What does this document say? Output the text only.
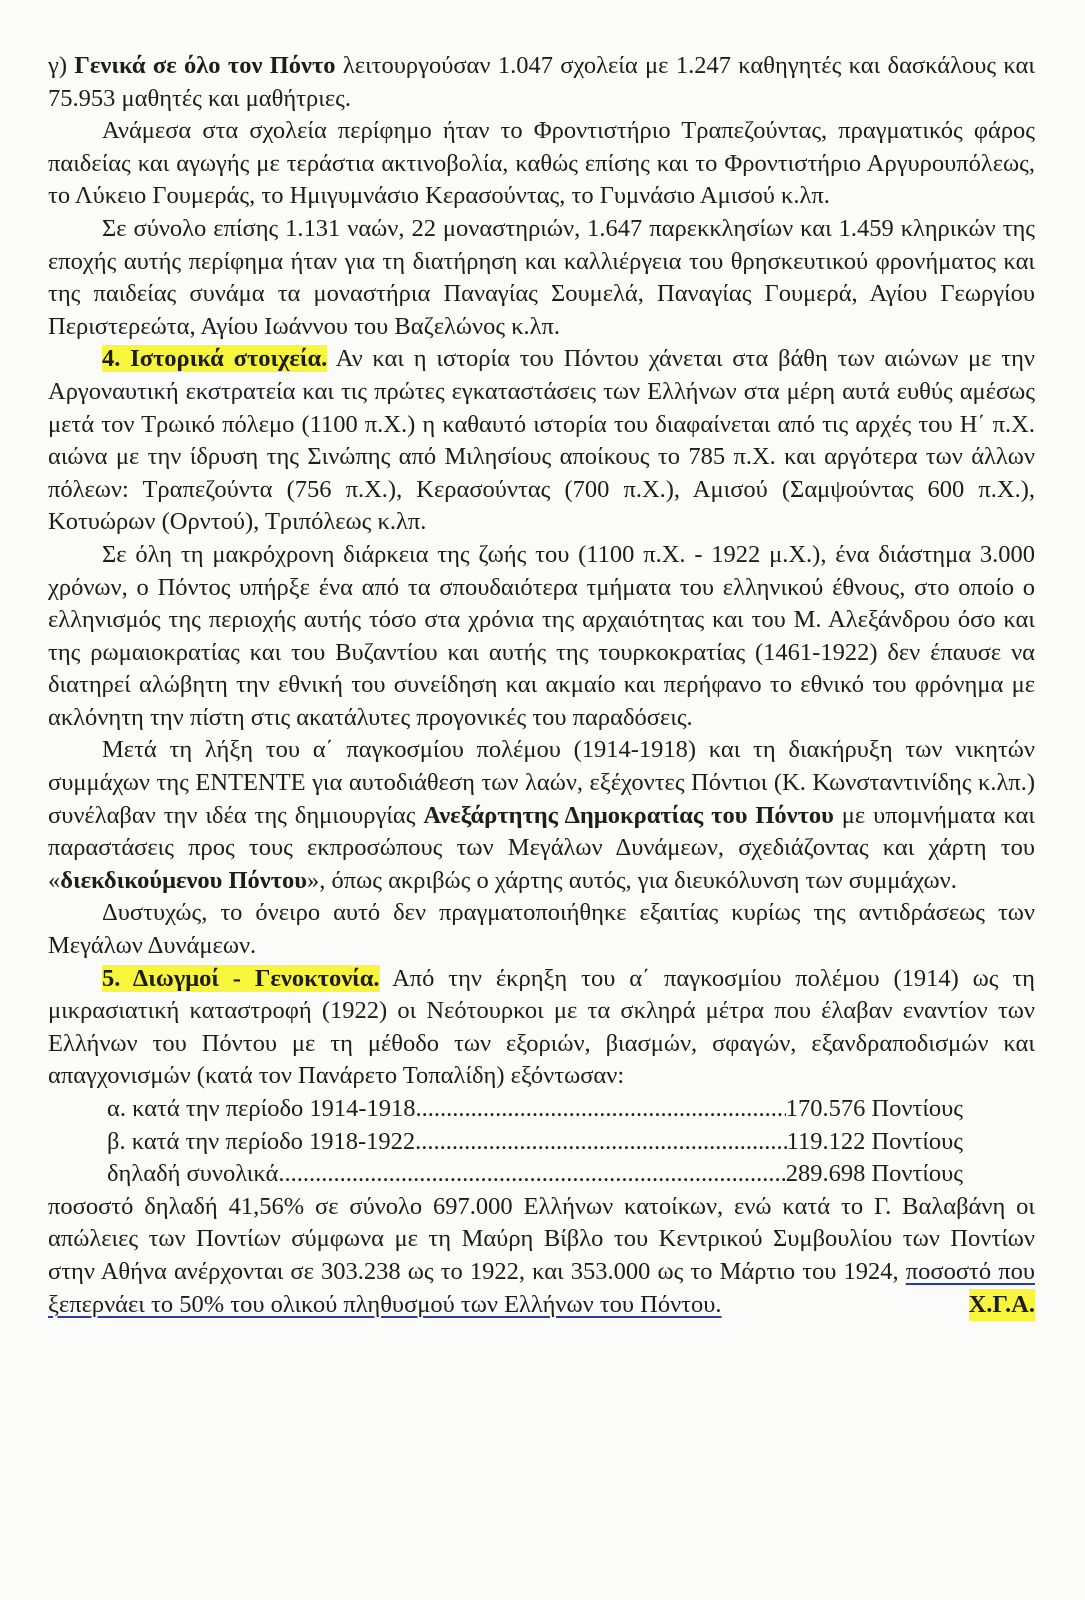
γ) Γενικά σε όλο τον Πόντο λειτουργούσαν 1.047 σχολεία με 1.247 καθηγητές και δασκάλους και 75.953 μαθητές και μαθήτριες.

Ανάμεσα στα σχολεία περίφημο ήταν το Φροντιστήριο Τραπεζούντας, πραγματικός φάρος παιδείας και αγωγής με τεράστια ακτινοβολία, καθώς επίσης και το Φροντιστήριο Αργυρουπόλεως, το Λύκειο Γουμεράς, το Ημιγυμνάσιο Κερασούντας, το Γυμνάσιο Αμισού κ.λπ.

Σε σύνολο επίσης 1.131 ναών, 22 μοναστηριών, 1.647 παρεκκλησίων και 1.459 κληρικών της εποχής αυτής περίφημα ήταν για τη διατήρηση και καλλιέργεια του θρησκευτικού φρονήματος και της παιδείας συνάμα τα μοναστήρια Παναγίας Σουμελά, Παναγίας Γουμερά, Αγίου Γεωργίου Περιστερεώτα, Αγίου Ιωάννου του Βαζελώνος κ.λπ.

4. Ιστορικά στοιχεία. Αν και η ιστορία του Πόντου χάνεται στα βάθη των αιώνων με την Αργοναυτική εκστρατεία και τις πρώτες εγκαταστάσεις των Ελλήνων στα μέρη αυτά ευθύς αμέσως μετά τον Τρωικό πόλεμο (1100 π.Χ.) η καθαυτό ιστορία του διαφαίνεται από τις αρχές του Η΄ π.Χ. αιώνα με την ίδρυση της Σινώπης από Μιλησίους αποίκους το 785 π.Χ. και αργότερα των άλλων πόλεων: Τραπεζούντα (756 π.Χ.), Κερασούντας (700 π.Χ.), Αμισού (Σαμψούντας 600 π.Χ.), Κοτυώρων (Ορντού), Τριπόλεως κ.λπ.

Σε όλη τη μακρόχρονη διάρκεια της ζωής του (1100 π.Χ. - 1922 μ.Χ.), ένα διάστημα 3.000 χρόνων, ο Πόντος υπήρξε ένα από τα σπουδαιότερα τμήματα του ελληνικού έθνους, στο οποίο ο ελληνισμός της περιοχής αυτής τόσο στα χρόνια της αρχαιότητας και του Μ. Αλεξάνδρου όσο και της ρωμαιοκρατίας και του Βυζαντίου και αυτής της τουρκοκρατίας (1461-1922) δεν έπαυσε να διατηρεί αλώβητη την εθνική του συνείδηση και ακμαίο και περήφανο το εθνικό του φρόνημα με ακλόνητη την πίστη στις ακατάλυτες προγονικές του παραδόσεις.

Μετά τη λήξη του α΄ παγκοσμίου πολέμου (1914-1918) και τη διακήρυξη των νικητών συμμάχων της ENTENTE για αυτοδιάθεση των λαών, εξέχοντες Πόντιοι (Κ. Κωνσταντινίδης κ.λπ.) συνέλαβαν την ιδέα της δημιουργίας Ανεξάρτητης Δημοκρατίας του Πόντου με υπομνήματα και παραστάσεις προς τους εκπροσώπους των Μεγάλων Δυνάμεων, σχεδιάζοντας και χάρτη του «διεκδικούμενου Πόντου», όπως ακριβώς ο χάρτης αυτός, για διευκόλυνση των συμμάχων.

Δυστυχώς, το όνειρο αυτό δεν πραγματοποιήθηκε εξαιτίας κυρίως της αντιδράσεως των Μεγάλων Δυνάμεων.

5. Διωγμοί - Γενοκτονία. Από την έκρηξη του α΄ παγκοσμίου πολέμου (1914) ως τη μικρασιατική καταστροφή (1922) οι Νεότουρκοι με τα σκληρά μέτρα που έλαβαν εναντίον των Ελλήνων του Πόντου με τη μέθοδο των εξοριών, βιασμών, σφαγών, εξανδραποδισμών και απαγχονισμών (κατά τον Πανάρετο Τοπαλίδη) εξόντωσαν:

α. κατά την περίοδο 1914-1918 .....	170.576 Ποντίους
β. κατά την περίοδο 1918-1922 .....	119.122 Ποντίους
δηλαδή συνολικά .....	289.698 Ποντίους

ποσοστό δηλαδή 41,56% σε σύνολο 697.000 Ελλήνων κατοίκων, ενώ κατά το Γ. Βαλαβάνη οι απώλειες των Ποντίων σύμφωνα με τη Μαύρη Βίβλο του Κεντρικού Συμβουλίου των Ποντίων στην Αθήνα ανέρχονται σε 303.238 ως το 1922, και 353.000 ως το Μάρτιο του 1924, ποσοστό που ξεπερνάει το 50% του ολικού πληθυσμού των Ελλήνων του Πόντου.	Χ.Γ.Α.
